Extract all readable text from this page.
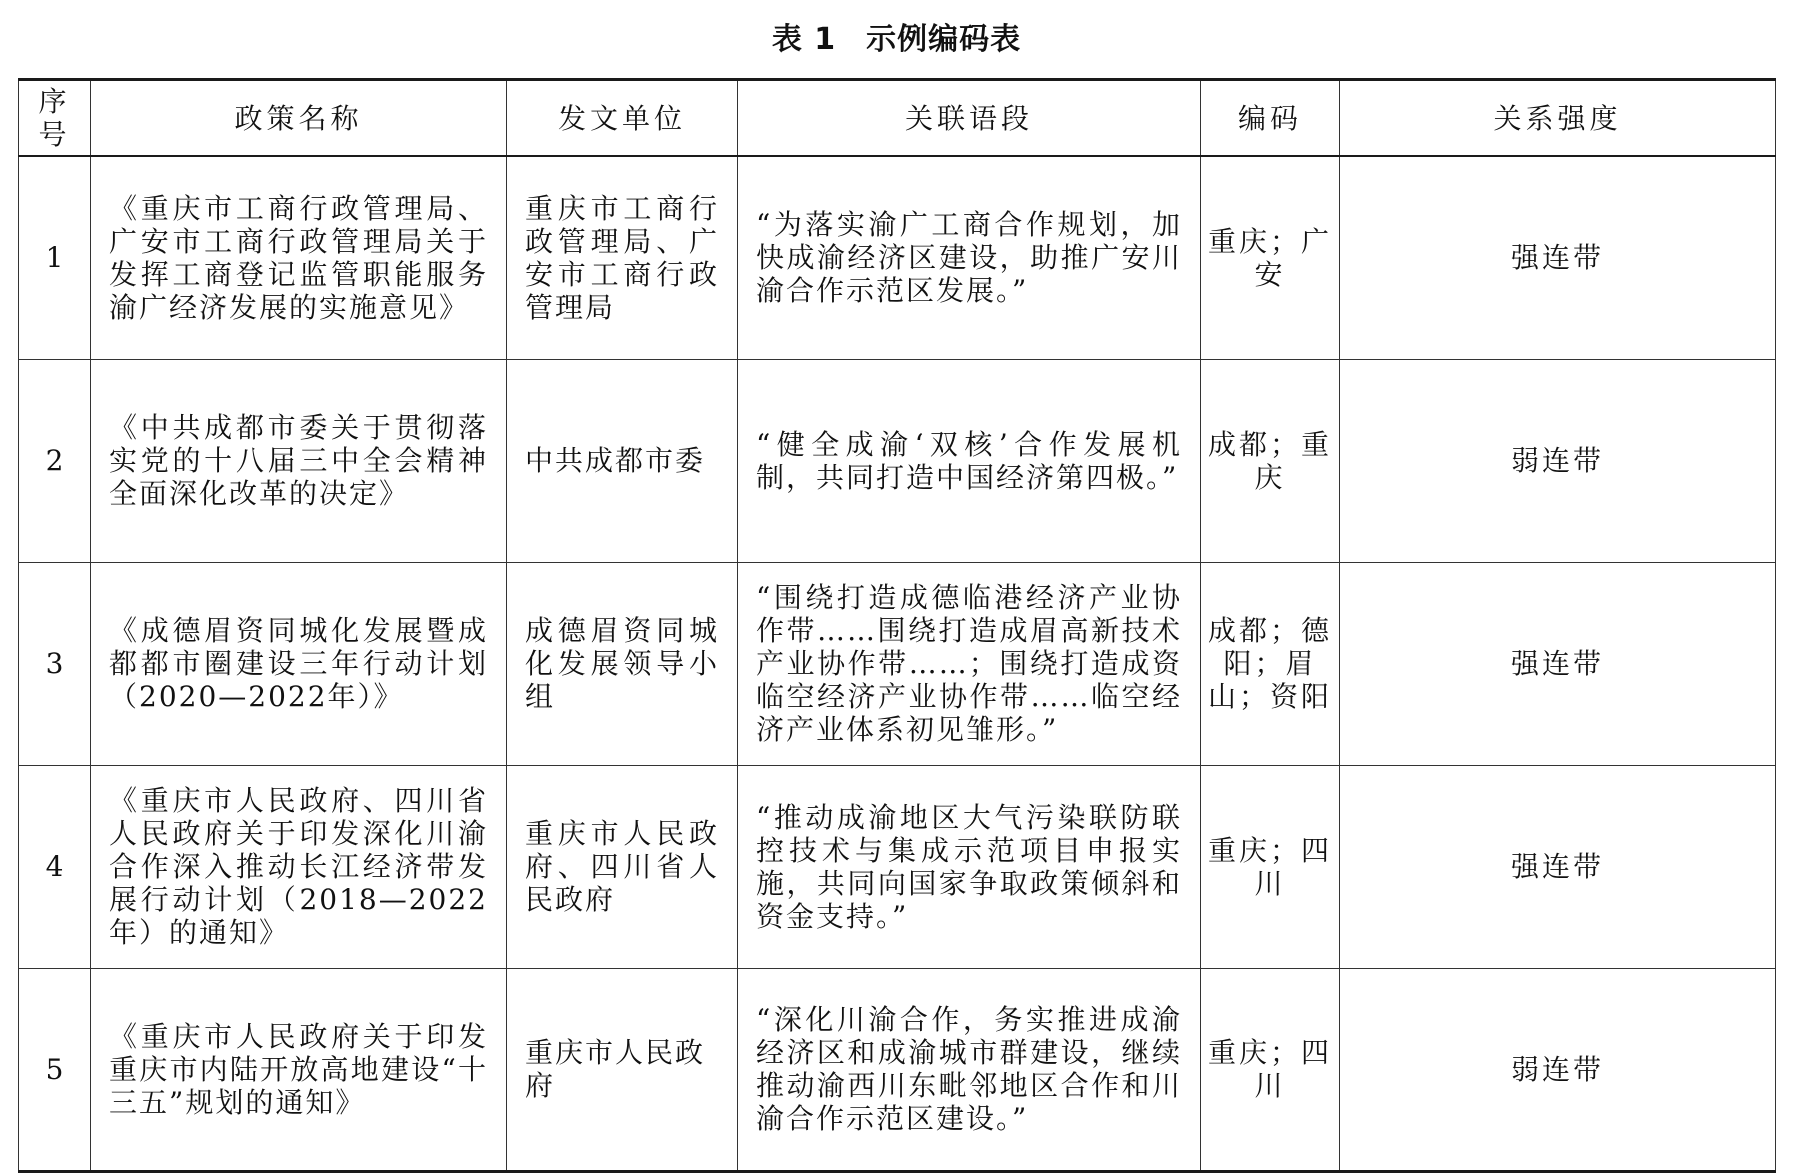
表 1 示例编码表
序号	政策名称	发文单位	关联语段	编码	关系强度
1	《重庆市工商行政管理局、广安市工商行政管理局关于发挥工商登记监管职能服务渝广经济发展的实施意见》	重庆市工商行政管理局、广安市工商行政管理局	“为落实渝广工商合作规划，加快成渝经济区建设，助推广安川渝合作示范区发展。”	重庆；广安	强连带
2	《中共成都市委关于贯彻落实党的十八届三中全会精神全面深化改革的决定》	中共成都市委	“健全成渝‘双核’合作发展机制，共同打造中国经济第四极。”	成都；重庆	弱连带
3	《成德眉资同城化发展暨成都都市圈建设三年行动计划（2020—2022年）》	成德眉资同城化发展领导小组	“围绕打造成德临港经济产业协作带……围绕打造成眉高新技术产业协作带……；围绕打造成资临空经济产业协作带……临空经济产业体系初见雏形。”	成都；德阳；眉山；资阳	强连带
4	《重庆市人民政府、四川省人民政府关于印发深化川渝合作深入推动长江经济带发展行动计划（2018—2022年）的通知》	重庆市人民政府、四川省人民政府	“推动成渝地区大气污染联防联控技术与集成示范项目申报实施，共同向国家争取政策倾斜和资金支持。”	重庆；四川	强连带
5	《重庆市人民政府关于印发重庆市内陆开放高地建设“十三五”规划的通知》	重庆市人民政府	“深化川渝合作，务实推进成渝经济区和成渝城市群建设，继续推动渝西川东毗邻地区合作和川渝合作示范区建设。”	重庆；四川	弱连带
